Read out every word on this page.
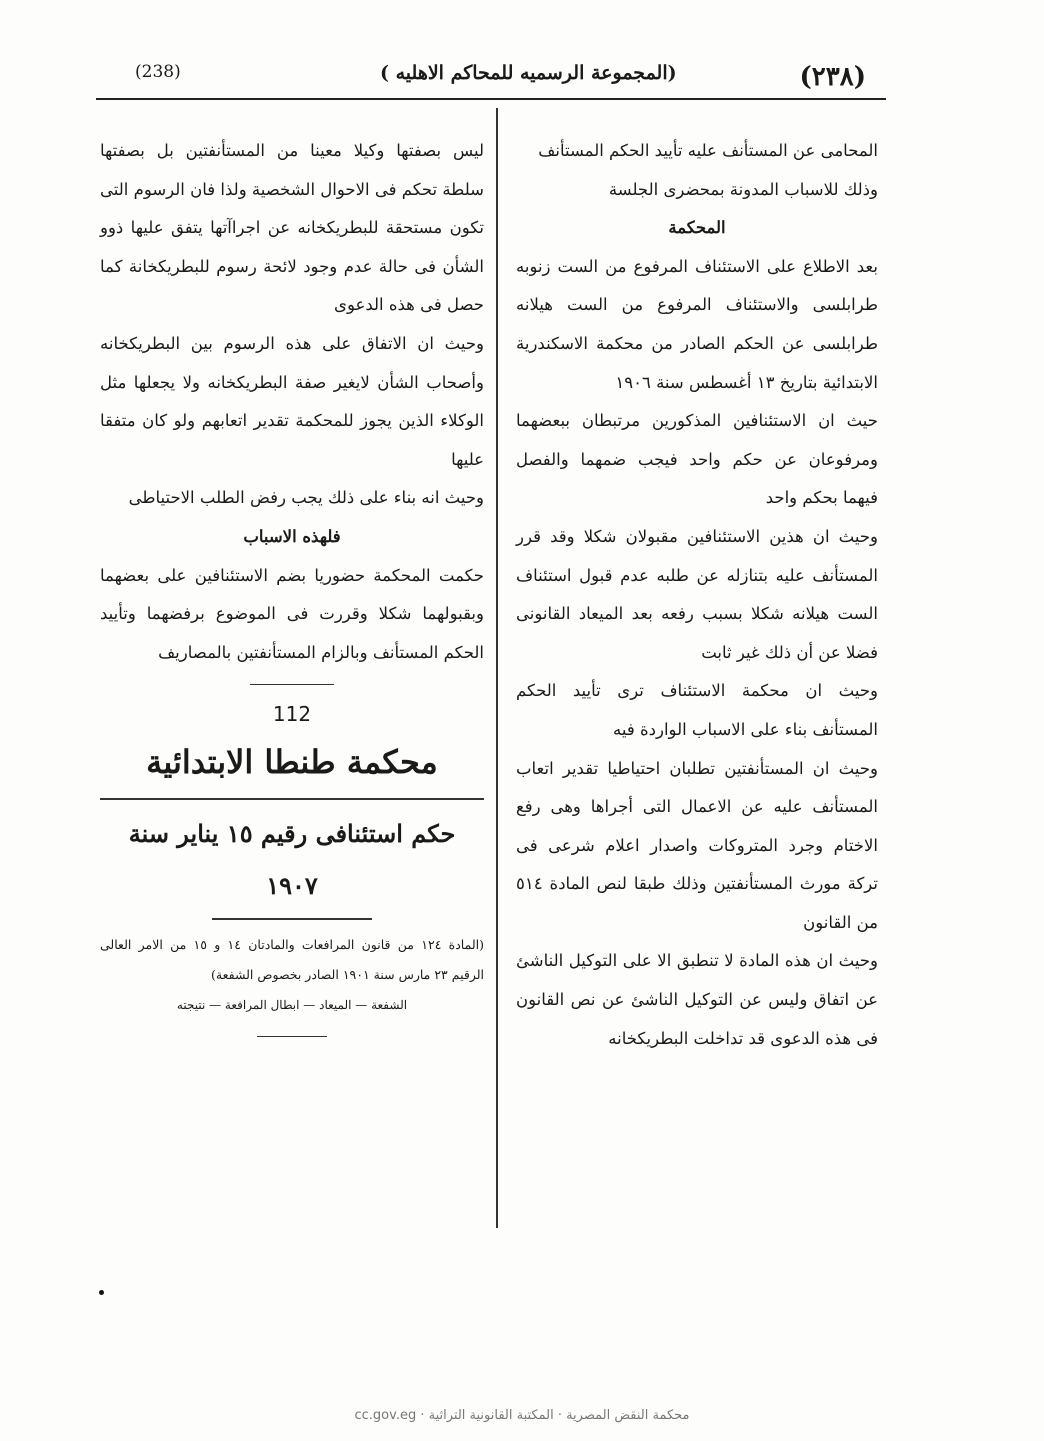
(٢٣٨)
(المجموعة الرسميه للمحاكم الاهليه )
(238)

المحامى عن المستأنف عليه تأييد الحكم المستأنف

وذلك للاسباب المدونة بمحضرى الجلسة

المحكمة

بعد الاطلاع على الاستئناف المرفوع من الست زنوبه طرابلسى والاستئناف المرفوع من الست هيلانه طرابلسى عن الحكم الصادر من محكمة الاسكندرية الابتدائية بتاريخ ١٣ أغسطس سنة ١٩٠٦

حيث ان الاستئنافين المذكورين مرتبطان ببعضهما ومرفوعان عن حكم واحد فيجب ضمهما والفصل فيهما بحكم واحد

وحيث ان هذين الاستئنافين مقبولان شكلا وقد قرر المستأنف عليه بتنازله عن طلبه عدم قبول استئناف الست هيلانه شكلا بسبب رفعه بعد الميعاد القانونى فضلا عن أن ذلك غير ثابت

وحيث ان محكمة الاستئناف ترى تأييد الحكم المستأنف بناء على الاسباب الواردة فيه

وحيث ان المستأنفتين تطلبان احتياطيا تقدير اتعاب المستأنف عليه عن الاعمال التى أجراها وهى رفع الاختام وجرد المتروكات واصدار اعلام شرعى فى تركة مورث المستأنفتين وذلك طبقا لنص المادة ٥١٤ من القانون

وحيث ان هذه المادة لا تنطبق الا على التوكيل الناشئ عن اتفاق وليس عن التوكيل الناشئ عن نص القانون فى هذه الدعوى قد تداخلت البطريكخانه

ليس بصفتها وكيلا معينا من المستأنفتين بل بصفتها سلطة تحكم فى الاحوال الشخصية ولذا فان الرسوم التى تكون مستحقة للبطريكخانه عن اجراآتها يتفق عليها ذوو الشأن فى حالة عدم وجود لائحة رسوم للبطريكخانة كما حصل فى هذه الدعوى

وحيث ان الاتفاق على هذه الرسوم بين البطريكخانه وأصحاب الشأن لايغير صفة البطريكخانه ولا يجعلها مثل الوكلاء الذين يجوز للمحكمة تقدير اتعابهم ولو كان متفقا عليها

وحيث انه بناء على ذلك يجب رفض الطلب الاحتياطى

فلهذه الاسباب

حكمت المحكمة حضوريا بضم الاستئنافين على بعضهما وبقبولهما شكلا وقررت فى الموضوع برفضهما وتأييد الحكم المستأنف وبالزام المستأنفتين بالمصاريف

112

محكمة طنطا الابتدائية

حكم استئنافى رقيم ١٥ يناير سنة ١٩٠٧

(المادة ١٢٤ من قانون المرافعات والمادتان ١٤ و ١٥ من الامر العالى الرقيم ٢٣ مارس سنة ١٩٠١ الصادر بخصوص الشفعة)

الشفعة — الميعاد — ابطال المرافعة — نتيجته

محكمة النقض المصرية · المكتبة القانونية التراثية · cc.gov.eg
